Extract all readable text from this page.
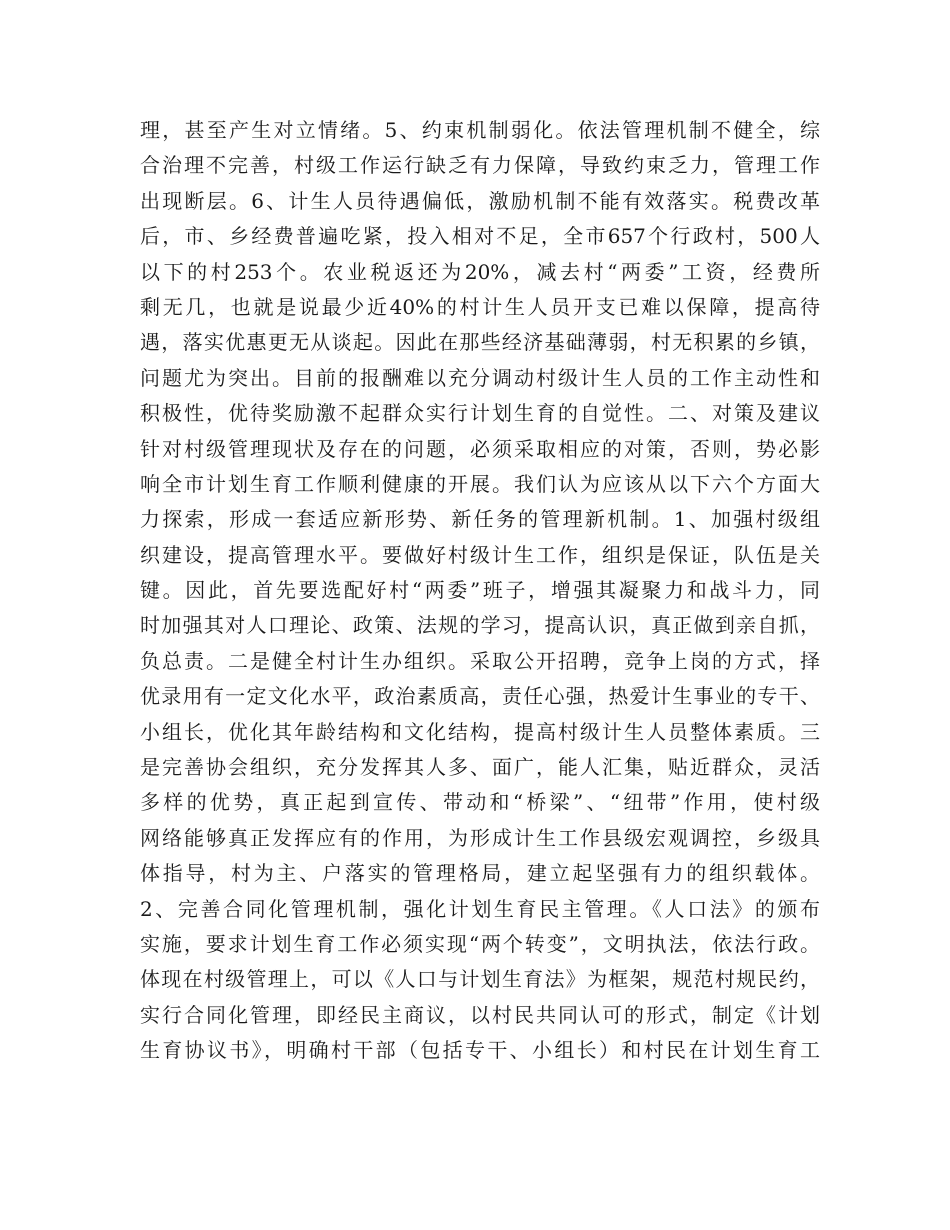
理，甚至产生对立情绪。5、约束机制弱化。依法管理机制不健全，综
合治理不完善，村级工作运行缺乏有力保障，导致约束乏力，管理工作
出现断层。6、计生人员待遇偏低，激励机制不能有效落实。税费改革
后，市、乡经费普遍吃紧，投入相对不足，全市657个行政村，500人
以下的村253个。农业税返还为20%，减去村“两委”工资，经费所
剩无几，也就是说最少近40%的村计生人员开支已难以保障，提高待
遇，落实优惠更无从谈起。因此在那些经济基础薄弱，村无积累的乡镇，
问题尤为突出。目前的报酬难以充分调动村级计生人员的工作主动性和
积极性，优待奖励激不起群众实行计划生育的自觉性。二、对策及建议
针对村级管理现状及存在的问题，必须采取相应的对策，否则，势必影
响全市计划生育工作顺利健康的开展。我们认为应该从以下六个方面大
力探索，形成一套适应新形势、新任务的管理新机制。1、加强村级组
织建设，提高管理水平。要做好村级计生工作，组织是保证，队伍是关
键。因此，首先要选配好村“两委”班子，增强其凝聚力和战斗力，同
时加强其对人口理论、政策、法规的学习，提高认识，真正做到亲自抓，
负总责。二是健全村计生办组织。采取公开招聘，竞争上岗的方式，择
优录用有一定文化水平，政治素质高，责任心强，热爱计生事业的专干、
小组长，优化其年龄结构和文化结构，提高村级计生人员整体素质。三
是完善协会组织，充分发挥其人多、面广，能人汇集，贴近群众，灵活
多样的优势，真正起到宣传、带动和“桥梁”、“纽带”作用，使村级
网络能够真正发挥应有的作用，为形成计生工作县级宏观调控，乡级具
体指导，村为主、户落实的管理格局，建立起坚强有力的组织载体。
2、完善合同化管理机制，强化计划生育民主管理。《人口法》的颁布
实施，要求计划生育工作必须实现“两个转变”，文明执法，依法行政。
体现在村级管理上，可以《人口与计划生育法》为框架，规范村规民约，
实行合同化管理，即经民主商议，以村民共同认可的形式，制定《计划
生育协议书》，明确村干部（包括专干、小组长）和村民在计划生育工
